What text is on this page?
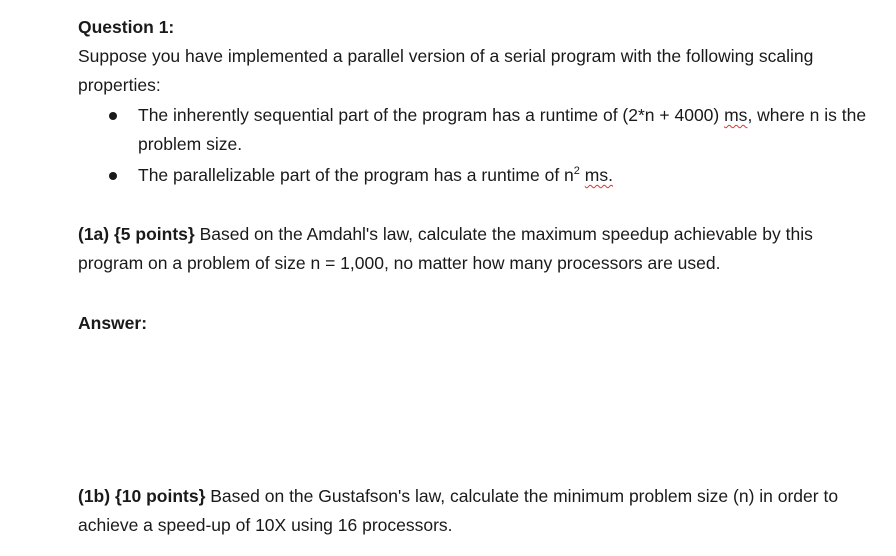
Question 1:
Suppose you have implemented a parallel version of a serial program with the following scaling properties:
The inherently sequential part of the program has a runtime of (2*n + 4000) ms, where n is the problem size.
The parallelizable part of the program has a runtime of $n^2$ ms.
(1a) {5 points} Based on the Amdahl's law, calculate the maximum speedup achievable by this program on a problem of size n = 1,000, no matter how many processors are used.
Answer:
(1b) {10 points} Based on the Gustafson's law, calculate the minimum problem size (n) in order to achieve a speed-up of 10X using 16 processors.
